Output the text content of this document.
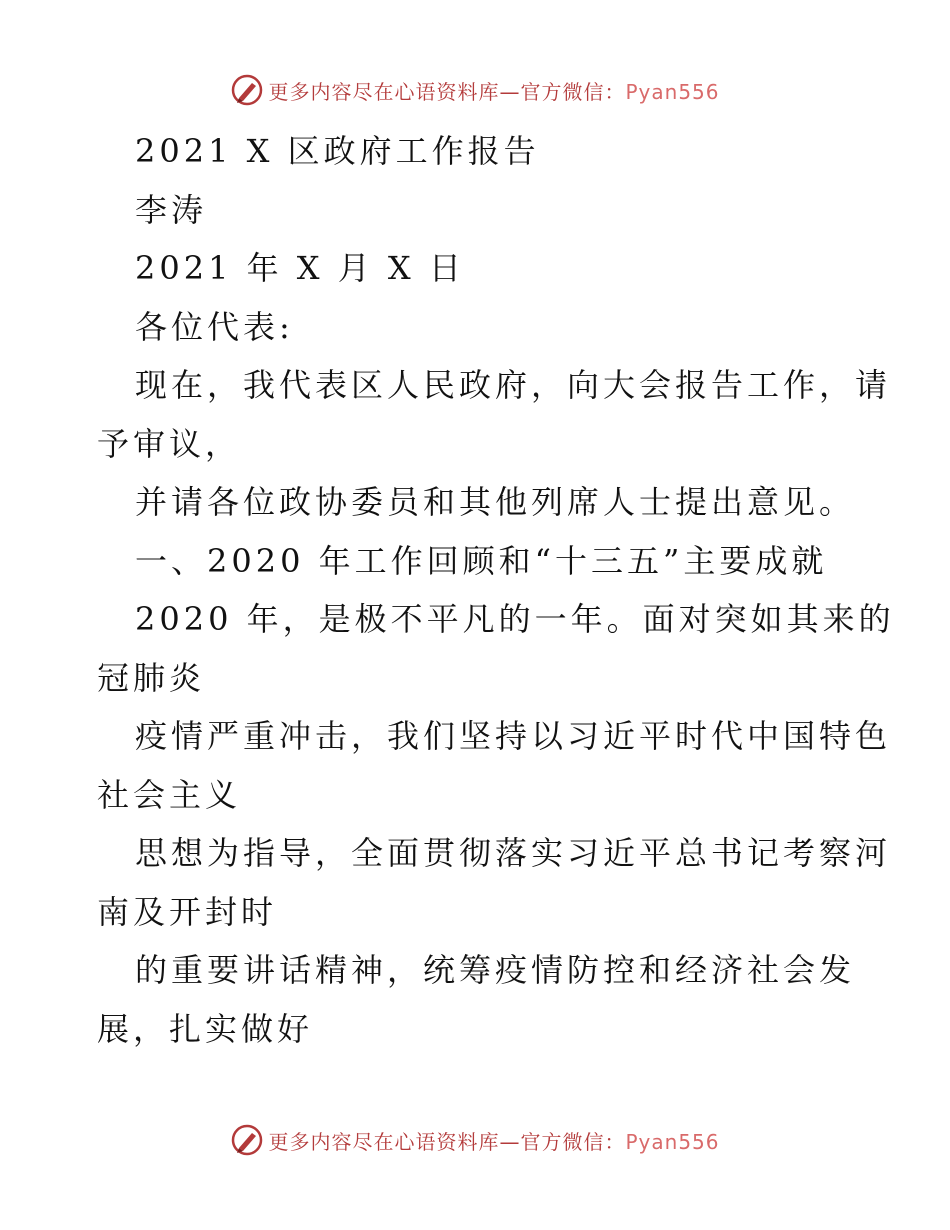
更多内容尽在心语资料库—官方微信：Pyan556
2021 X 区政府工作报告
李涛
2021 年 X 月 X 日
各位代表:
现在，我代表区人民政府，向大会报告工作，请
予审议，
并请各位政协委员和其他列席人士提出意见。
一、2020 年工作回顾和“十三五”主要成就
2020 年，是极不平凡的一年。面对突如其来的
冠肺炎
疫情严重冲击，我们坚持以习近平时代中国特色
社会主义
思想为指导，全面贯彻落实习近平总书记考察河
南及开封时
的重要讲话精神，统筹疫情防控和经济社会发
展，扎实做好
更多内容尽在心语资料库—官方微信：Pyan556
